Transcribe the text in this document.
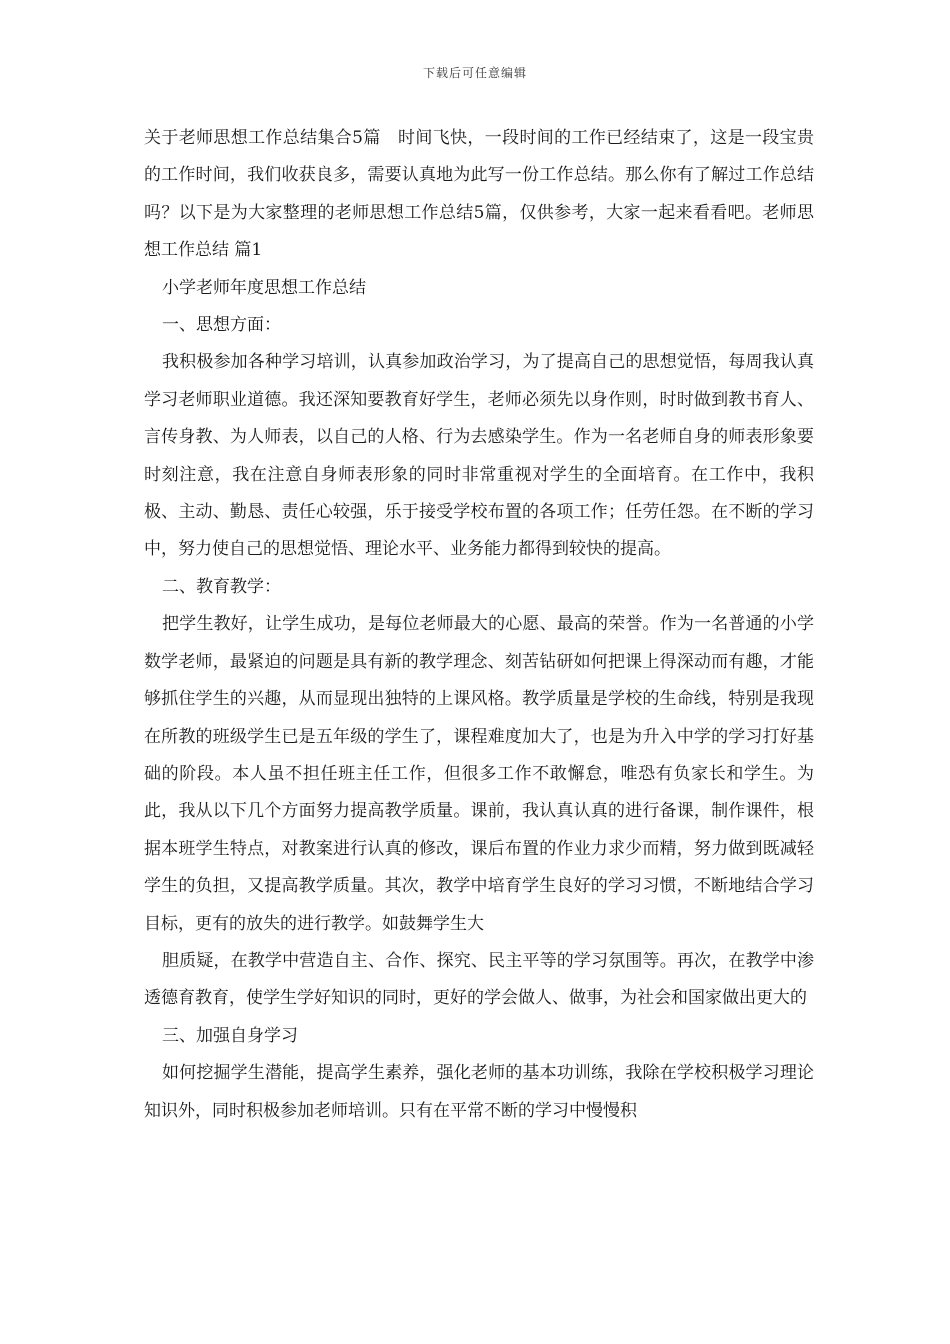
下载后可任意编辑

关于老师思想工作总结集合5篇　时间飞快，一段时间的工作已经结束了，这是一段宝贵的工作时间，我们收获良多，需要认真地为此写一份工作总结。那么你有了解过工作总结吗？以下是为大家整理的老师思想工作总结5篇，仅供参考，大家一起来看看吧。老师思想工作总结 篇1

小学老师年度思想工作总结

一、思想方面：

我积极参加各种学习培训，认真参加政治学习，为了提高自己的思想觉悟，每周我认真学习老师职业道德。我还深知要教育好学生，老师必须先以身作则，时时做到教书育人、言传身教、为人师表，以自己的人格、行为去感染学生。作为一名老师自身的师表形象要时刻注意，我在注意自身师表形象的同时非常重视对学生的全面培育。在工作中，我积极、主动、勤恳、责任心较强，乐于接受学校布置的各项工作；任劳任怨。在不断的学习中，努力使自己的思想觉悟、理论水平、业务能力都得到较快的提高。

二、教育教学：

把学生教好，让学生成功，是每位老师最大的心愿、最高的荣誉。作为一名普通的小学数学老师，最紧迫的问题是具有新的教学理念、刻苦钻研如何把课上得深动而有趣，才能够抓住学生的兴趣，从而显现出独特的上课风格。教学质量是学校的生命线，特别是我现在所教的班级学生已是五年级的学生了，课程难度加大了，也是为升入中学的学习打好基础的阶段。本人虽不担任班主任工作，但很多工作不敢懈怠，唯恐有负家长和学生。为此，我从以下几个方面努力提高教学质量。课前，我认真认真的进行备课，制作课件，根据本班学生特点，对教案进行认真的修改，课后布置的作业力求少而精，努力做到既减轻学生的负担，又提高教学质量。其次，教学中培育学生良好的学习习惯，不断地结合学习目标，更有的放失的进行教学。如鼓舞学生大

胆质疑，在教学中营造自主、合作、探究、民主平等的学习氛围等。再次，在教学中渗透德育教育，使学生学好知识的同时，更好的学会做人、做事，为社会和国家做出更大的

三、加强自身学习

如何挖掘学生潜能，提高学生素养，强化老师的基本功训练，我除在学校积极学习理论知识外，同时积极参加老师培训。只有在平常不断的学习中慢慢积
